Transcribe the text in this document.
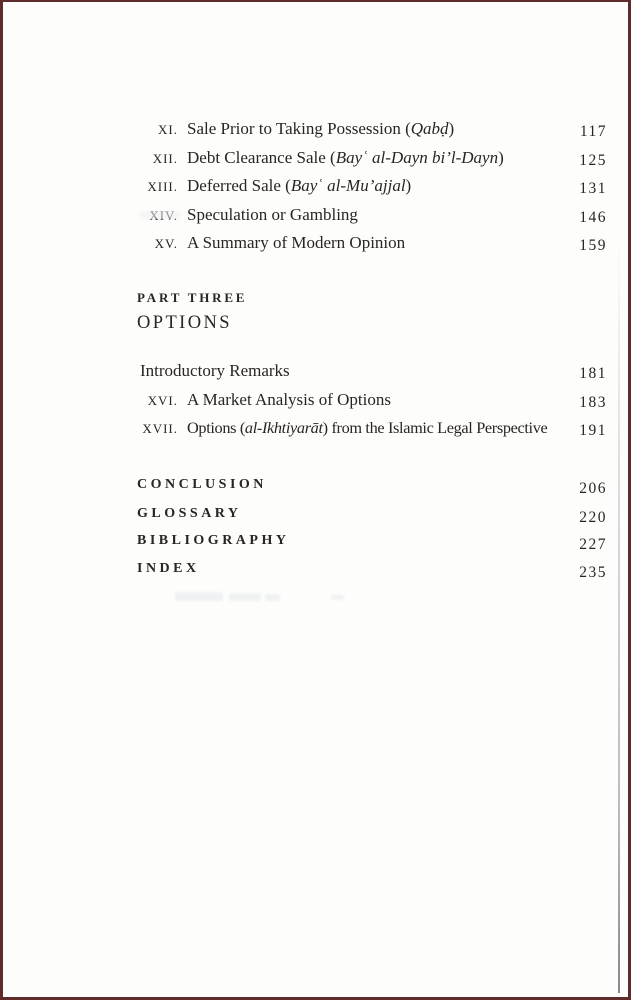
XI. Sale Prior to Taking Possession (Qabḍ)	117
XII. Debt Clearance Sale (Bayʿ al-Dayn bi’l-Dayn)	125
XIII. Deferred Sale (Bayʿ al-Mu’ajjal)	131
Speculation or Gambling	146
XV. A Summary of Modern Opinion	159
PART THREE
OPTIONS
Introductory Remarks	181
XVI. A Market Analysis of Options	183
XVII. Options (al-Ikhtiyarāt) from the Islamic Legal Perspective 191
CONCLUSION	206
GLOSSARY	220
BIBLIOGRAPHY	227
INDEX	235
